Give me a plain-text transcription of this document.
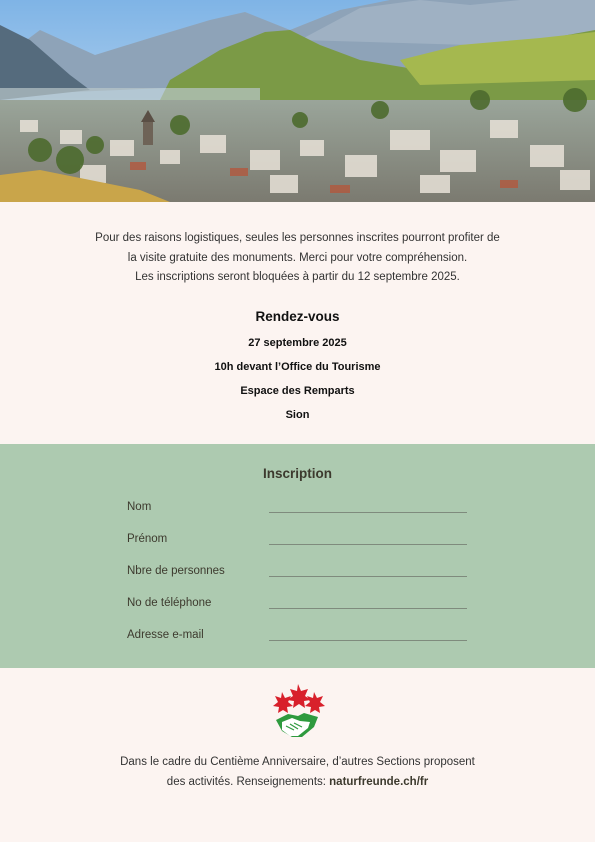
Pour des raisons logistiques, seules les personnes inscrites pourront profiter de
la visite gratuite des monuments. Merci pour votre compréhension.
Les inscriptions seront bloquées à partir du 12 septembre 2025.
Rendez-vous
27 septembre 2025
10h devant l’Office du Tourisme
Espace des Remparts
Sion
Inscription
Nom
Prénom
Nbre de personnes
No de téléphone
Adresse e-mail
Dans le cadre du Centième Anniversaire, d’autres Sections proposent
des activités. Renseignements: naturfreunde.ch/fr
